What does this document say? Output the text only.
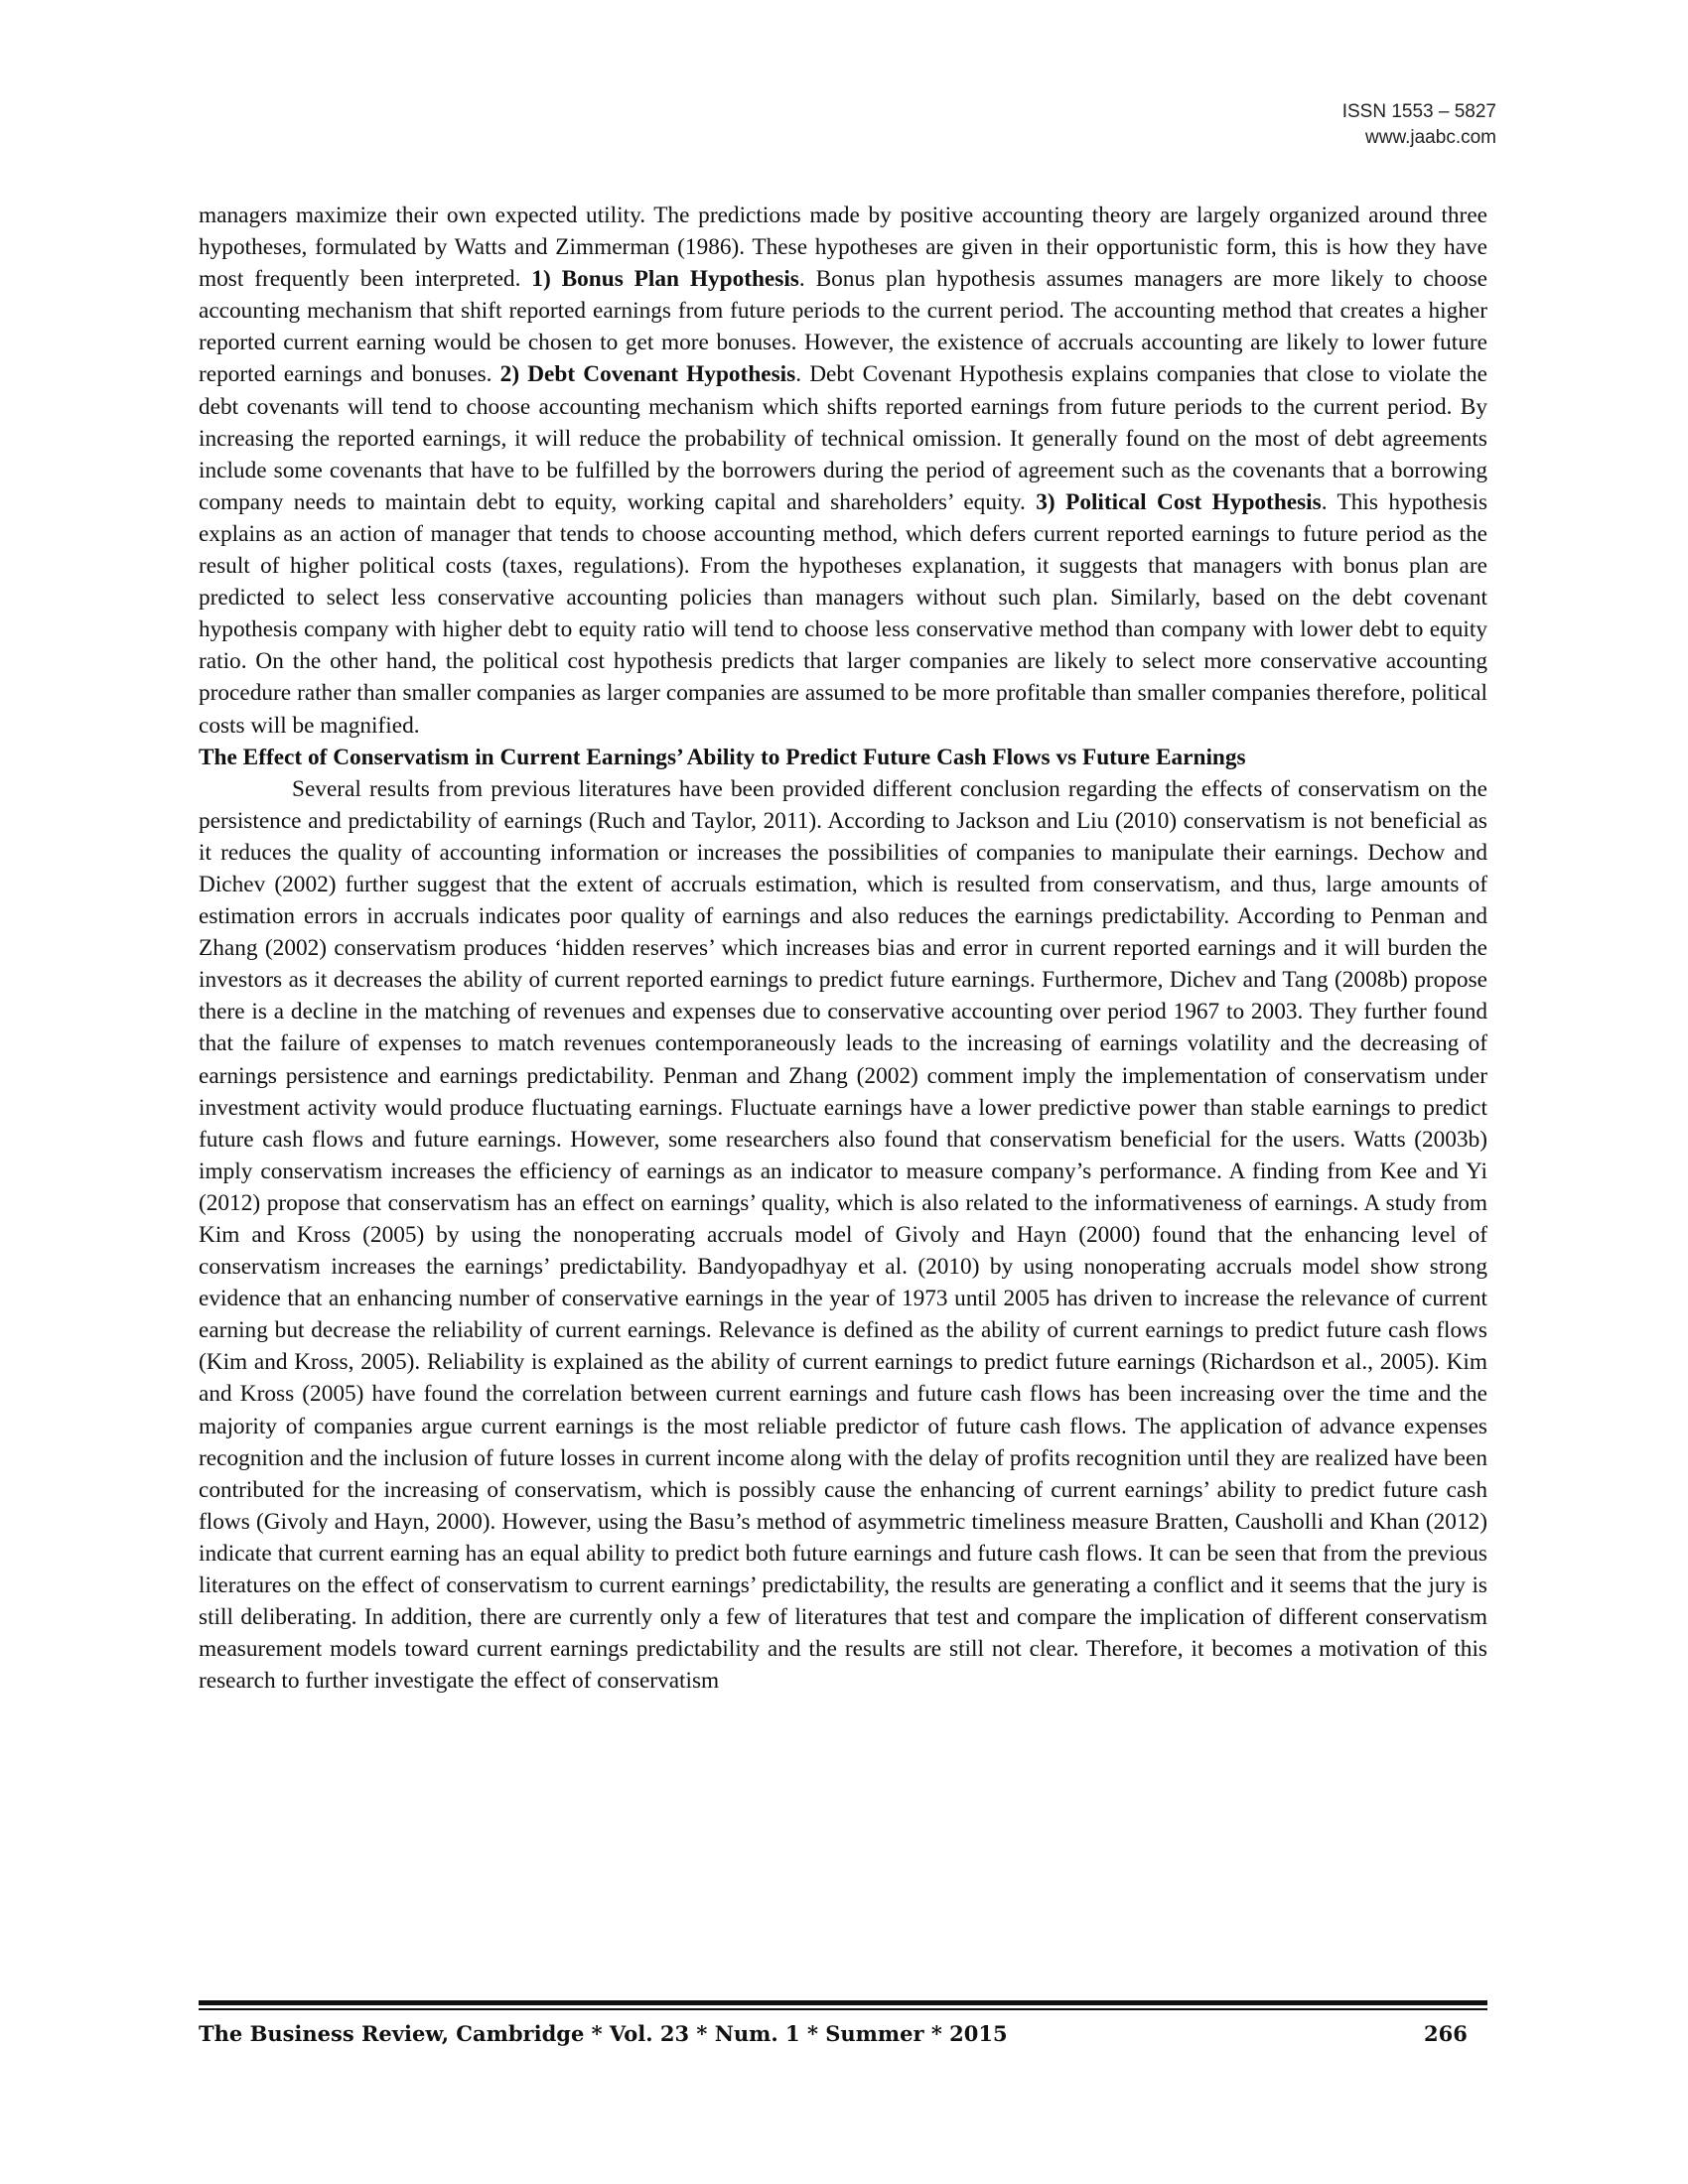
ISSN 1553 – 5827
www.jaabc.com

managers maximize their own expected utility. The predictions made by positive accounting theory are largely organized around three hypotheses, formulated by Watts and Zimmerman (1986). These hypotheses are given in their opportunistic form, this is how they have most frequently been interpreted. 1) Bonus Plan Hypothesis. Bonus plan hypothesis assumes managers are more likely to choose accounting mechanism that shift reported earnings from future periods to the current period. The accounting method that creates a higher reported current earning would be chosen to get more bonuses. However, the existence of accruals accounting are likely to lower future reported earnings and bonuses. 2) Debt Covenant Hypothesis. Debt Covenant Hypothesis explains companies that close to violate the debt covenants will tend to choose accounting mechanism which shifts reported earnings from future periods to the current period. By increasing the reported earnings, it will reduce the probability of technical omission. It generally found on the most of debt agreements include some covenants that have to be fulfilled by the borrowers during the period of agreement such as the covenants that a borrowing company needs to maintain debt to equity, working capital and shareholders’ equity. 3) Political Cost Hypothesis. This hypothesis explains as an action of manager that tends to choose accounting method, which defers current reported earnings to future period as the result of higher political costs (taxes, regulations). From the hypotheses explanation, it suggests that managers with bonus plan are predicted to select less conservative accounting policies than managers without such plan. Similarly, based on the debt covenant hypothesis company with higher debt to equity ratio will tend to choose less conservative method than company with lower debt to equity ratio. On the other hand, the political cost hypothesis predicts that larger companies are likely to select more conservative accounting procedure rather than smaller companies as larger companies are assumed to be more profitable than smaller companies therefore, political costs will be magnified.

The Effect of Conservatism in Current Earnings’ Ability to Predict Future Cash Flows vs Future Earnings

Several results from previous literatures have been provided different conclusion regarding the effects of conservatism on the persistence and predictability of earnings (Ruch and Taylor, 2011). According to Jackson and Liu (2010) conservatism is not beneficial as it reduces the quality of accounting information or increases the possibilities of companies to manipulate their earnings. Dechow and Dichev (2002) further suggest that the extent of accruals estimation, which is resulted from conservatism, and thus, large amounts of estimation errors in accruals indicates poor quality of earnings and also reduces the earnings predictability. According to Penman and Zhang (2002) conservatism produces ‘hidden reserves’ which increases bias and error in current reported earnings and it will burden the investors as it decreases the ability of current reported earnings to predict future earnings. Furthermore, Dichev and Tang (2008b) propose there is a decline in the matching of revenues and expenses due to conservative accounting over period 1967 to 2003. They further found that the failure of expenses to match revenues contemporaneously leads to the increasing of earnings volatility and the decreasing of earnings persistence and earnings predictability. Penman and Zhang (2002) comment imply the implementation of conservatism under investment activity would produce fluctuating earnings. Fluctuate earnings have a lower predictive power than stable earnings to predict future cash flows and future earnings. However, some researchers also found that conservatism beneficial for the users. Watts (2003b) imply conservatism increases the efficiency of earnings as an indicator to measure company’s performance. A finding from Kee and Yi (2012) propose that conservatism has an effect on earnings’ quality, which is also related to the informativeness of earnings. A study from Kim and Kross (2005) by using the nonoperating accruals model of Givoly and Hayn (2000) found that the enhancing level of conservatism increases the earnings’ predictability. Bandyopadhyay et al. (2010) by using nonoperating accruals model show strong evidence that an enhancing number of conservative earnings in the year of 1973 until 2005 has driven to increase the relevance of current earning but decrease the reliability of current earnings. Relevance is defined as the ability of current earnings to predict future cash flows (Kim and Kross, 2005). Reliability is explained as the ability of current earnings to predict future earnings (Richardson et al., 2005). Kim and Kross (2005) have found the correlation between current earnings and future cash flows has been increasing over the time and the majority of companies argue current earnings is the most reliable predictor of future cash flows. The application of advance expenses recognition and the inclusion of future losses in current income along with the delay of profits recognition until they are realized have been contributed for the increasing of conservatism, which is possibly cause the enhancing of current earnings’ ability to predict future cash flows (Givoly and Hayn, 2000). However, using the Basu’s method of asymmetric timeliness measure Bratten, Causholli and Khan (2012) indicate that current earning has an equal ability to predict both future earnings and future cash flows. It can be seen that from the previous literatures on the effect of conservatism to current earnings’ predictability, the results are generating a conflict and it seems that the jury is still deliberating. In addition, there are currently only a few of literatures that test and compare the implication of different conservatism measurement models toward current earnings predictability and the results are still not clear. Therefore, it becomes a motivation of this research to further investigate the effect of conservatism

The Business Review, Cambridge * Vol. 23 * Num. 1 * Summer * 2015	266
